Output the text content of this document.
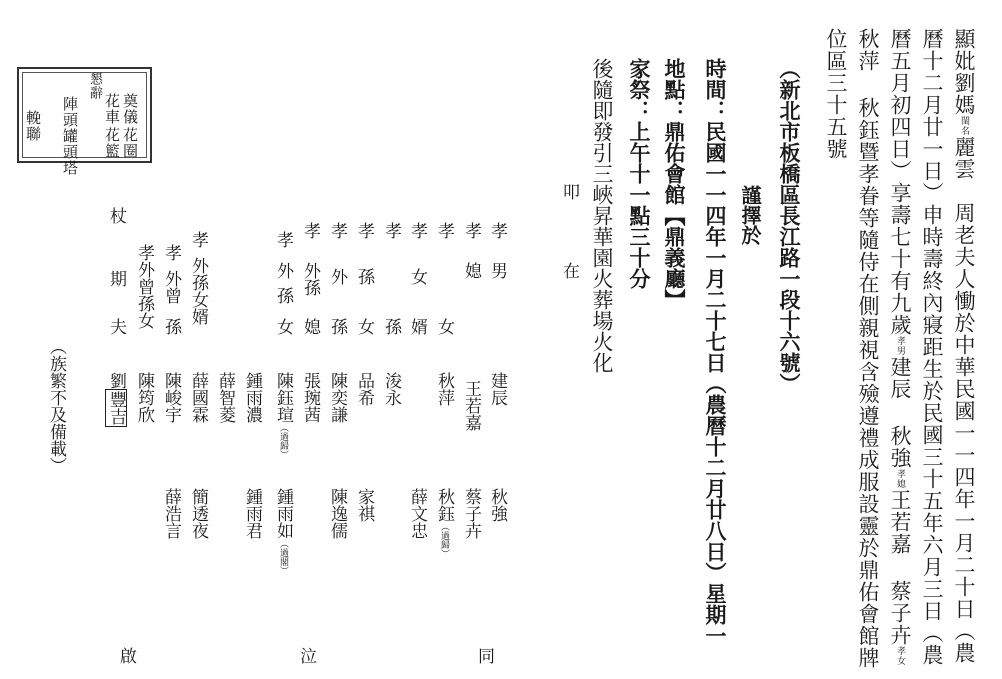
懇辭
奠儀
花圈
花車
花籃
陣頭
罐頭塔
輓聯
顯妣劉媽閨名麗雲　周老夫人慟於中華民國一一四年一月二十日（農
曆十二月廿一日）申時壽終內寢距生於民國三十五年六月三日（農
曆五月初四日）享壽七十有九歲孝男建辰 秋強孝媳王若嘉 蔡子卉孝女
秋萍 秋鈺暨孝眷等隨侍在側親視含殮遵禮成服設靈於鼎佑會館牌
位區三十五號
（新北市板橋區長江路一段十六號）
謹擇於
時間：民國一一四年一月二十七日（農曆十二月廿八日）星期一
地點：鼎佑會館【鼎義廳】
家祭：上午十一點三十分
後隨即發引三峽昇華園火葬場火化
叩
在
孝　男
孝　媳
孝

女
孝
女
婿
孝
孫
孝
孫
女
孝
外
孫
孝
外孫
媳
孝
外
孫
女
孝
外孫女婿
孝
外曾
孫
孝外曾孫女
杖
期
夫
建辰
王若嘉
秋萍
浚永
品希
陳奕謙
張琬茜
陳鈺瑄（過歸）
鍾雨濃
薛智菱
薛國霖
陳峻宇
陳筠欣
劉豐吉
秋強
蔡子卉
秋鈺（過歸）
薛文忠
家祺
陳逸儒
鍾雨如（過閣）
鍾雨君
簡透夜
薛浩言
（族繁不及備載）
同
泣
啟
